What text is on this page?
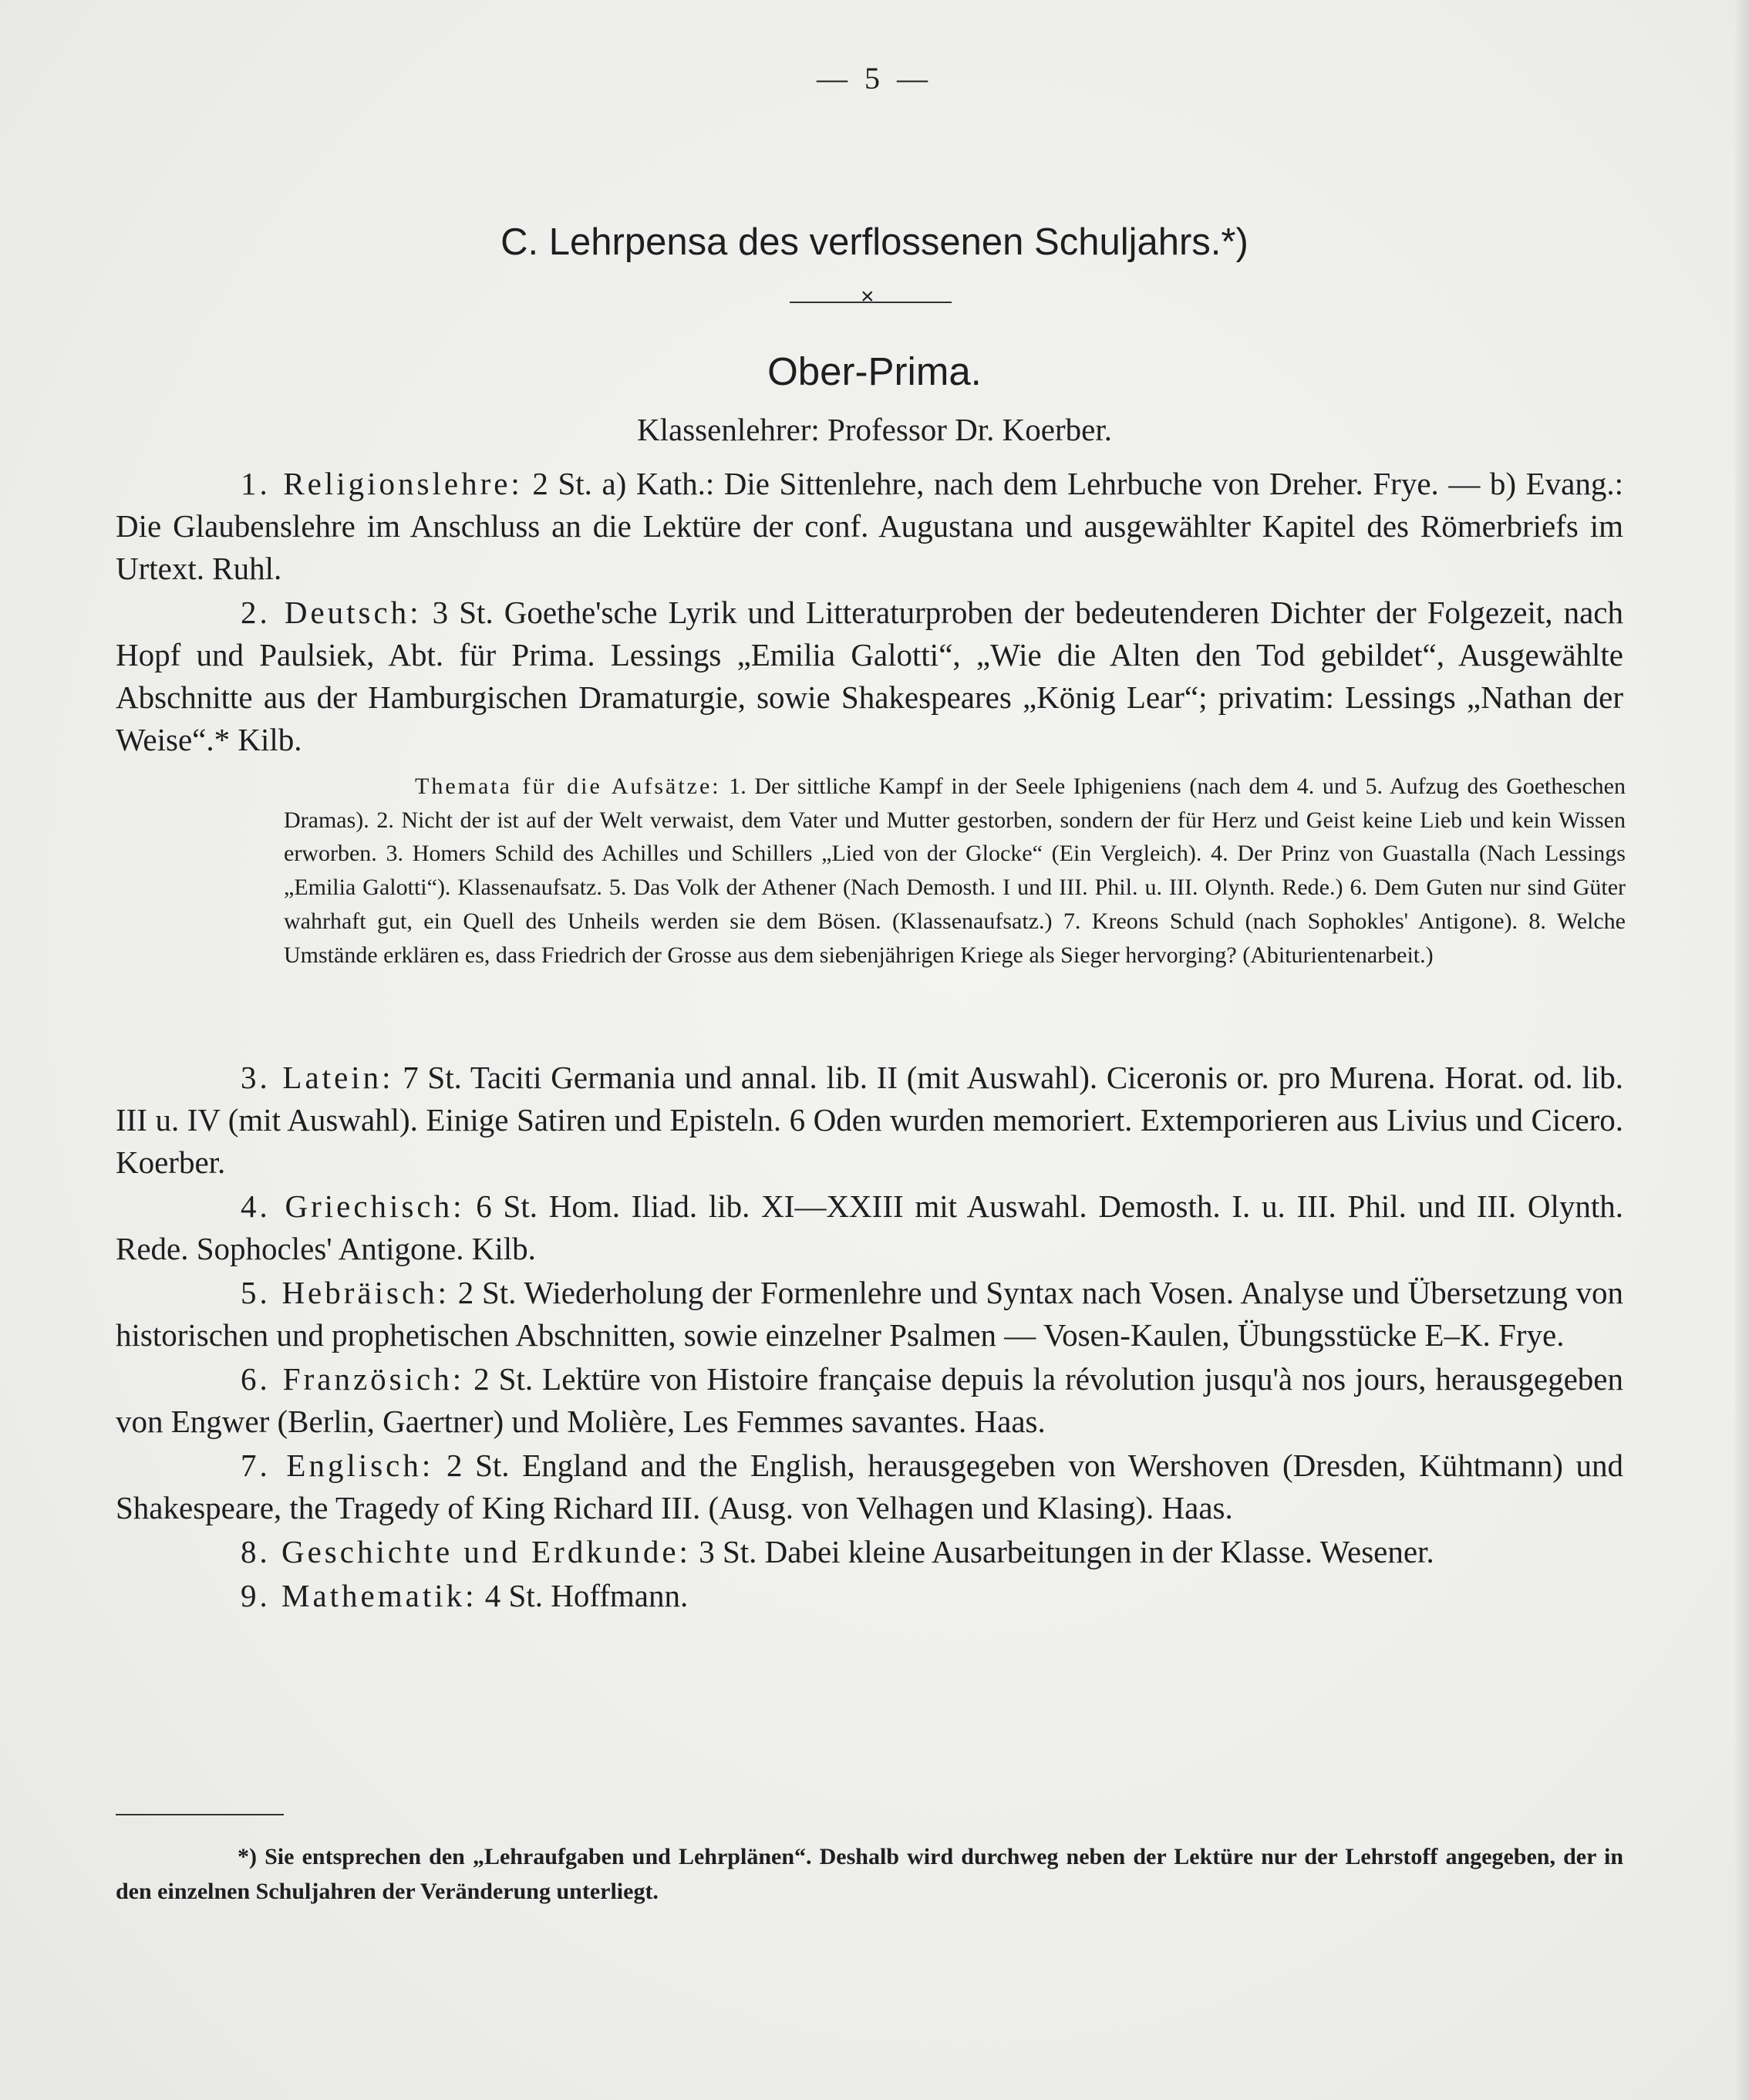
— 5 —
C. Lehrpensa des verflossenen Schuljahrs.*)
×
Ober-Prima.
Klassenlehrer: Professor Dr. Koerber.

1. Religionslehre: 2 St. a) Kath.: Die Sittenlehre, nach dem Lehrbuche von Dreher. Frye. — b) Evang.: Die Glaubenslehre im Anschluss an die Lektüre der conf. Augustana und ausgewählter Kapitel des Römerbriefs im Urtext. Ruhl.

2. Deutsch: 3 St. Goethe'sche Lyrik und Litteraturproben der bedeutenderen Dichter der Folgezeit, nach Hopf und Paulsiek, Abt. für Prima. Lessings „Emilia Galotti“, „Wie die Alten den Tod gebildet“, Ausgewählte Abschnitte aus der Hamburgischen Dramaturgie, sowie Shakespeares „König Lear“; privatim: Lessings „Nathan der Weise“.* Kilb.

Themata für die Aufsätze: 1. Der sittliche Kampf in der Seele Iphigeniens (nach dem 4. und 5. Aufzug des Goetheschen Dramas). 2. Nicht der ist auf der Welt verwaist, dem Vater und Mutter gestorben, sondern der für Herz und Geist keine Lieb und kein Wissen erworben. 3. Homers Schild des Achilles und Schillers „Lied von der Glocke“ (Ein Vergleich). 4. Der Prinz von Guastalla (Nach Lessings „Emilia Galotti“). Klassenaufsatz. 5. Das Volk der Athener (Nach Demosth. I und III. Phil. u. III. Olynth. Rede.) 6. Dem Guten nur sind Güter wahrhaft gut, ein Quell des Unheils werden sie dem Bösen. (Klassenaufsatz.) 7. Kreons Schuld (nach Sophokles' Antigone). 8. Welche Umstände erklären es, dass Friedrich der Grosse aus dem siebenjährigen Kriege als Sieger hervorging? (Abiturientenarbeit.)

3. Latein: 7 St. Taciti Germania und annal. lib. II (mit Auswahl). Ciceronis or. pro Murena. Horat. od. lib. III u. IV (mit Auswahl). Einige Satiren und Episteln. 6 Oden wurden memoriert. Extemporieren aus Livius und Cicero. Koerber.

4. Griechisch: 6 St. Hom. Iliad. lib. XI—XXIII mit Auswahl. Demosth. I. u. III. Phil. und III. Olynth. Rede. Sophocles' Antigone. Kilb.

5. Hebräisch: 2 St. Wiederholung der Formenlehre und Syntax nach Vosen. Analyse und Übersetzung von historischen und prophetischen Abschnitten, sowie einzelner Psalmen — Vosen-Kaulen, Übungsstücke E–K. Frye.

6. Französich: 2 St. Lektüre von Histoire française depuis la révolution jusqu'à nos jours, herausgegeben von Engwer (Berlin, Gaertner) und Molière, Les Femmes savantes. Haas.

7. Englisch: 2 St. England and the English, herausgegeben von Wershoven (Dresden, Kühtmann) und Shakespeare, the Tragedy of King Richard III. (Ausg. von Velhagen und Klasing). Haas.

8. Geschichte und Erdkunde: 3 St. Dabei kleine Ausarbeitungen in der Klasse. Wesener.

9. Mathematik: 4 St. Hoffmann.

*) Sie entsprechen den „Lehraufgaben und Lehrplänen“. Deshalb wird durchweg neben der Lektüre nur der Lehrstoff angegeben, der in den einzelnen Schuljahren der Veränderung unterliegt.
